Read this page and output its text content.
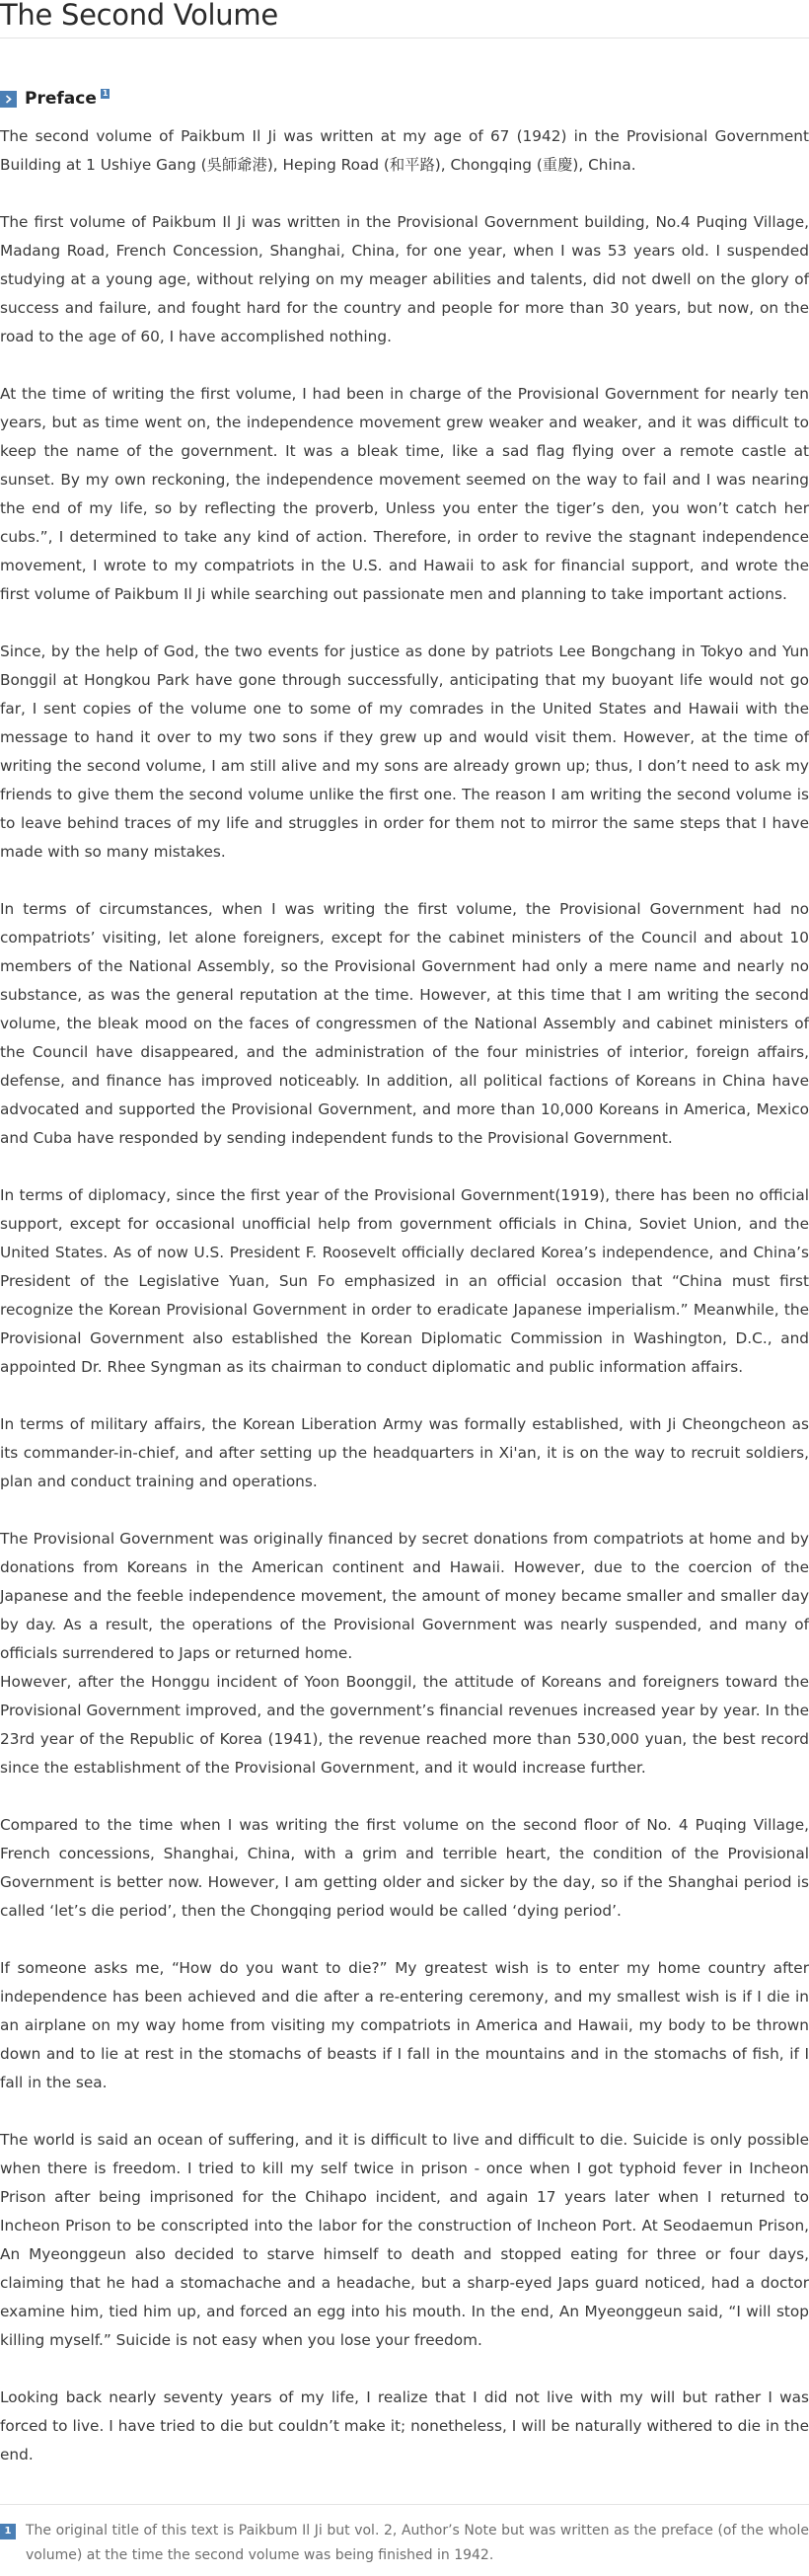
The Second Volume
Preface 1

The second volume of Paikbum Il Ji was written at my age of 67 (1942) in the Provisional Government Building at 1 Ushiye Gang (吳師爺港), Heping Road (和平路), Chongqing (重慶), China.

The first volume of Paikbum Il Ji was written in the Provisional Government building, No.4 Puqing Village, Madang Road, French Concession, Shanghai, China, for one year, when I was 53 years old. I suspended studying at a young age, without relying on my meager abilities and talents, did not dwell on the glory of success and failure, and fought hard for the country and people for more than 30 years, but now, on the road to the age of 60, I have accomplished nothing.

At the time of writing the first volume, I had been in charge of the Provisional Government for nearly ten years, but as time went on, the independence movement grew weaker and weaker, and it was difficult to keep the name of the government. It was a bleak time, like a sad flag flying over a remote castle at sunset. By my own reckoning, the independence movement seemed on the way to fail and I was nearing the end of my life, so by reflecting the proverb, Unless you enter the tiger’s den, you won’t catch her cubs.”, I determined to take any kind of action. Therefore, in order to revive the stagnant independence movement, I wrote to my compatriots in the U.S. and Hawaii to ask for financial support, and wrote the first volume of Paikbum Il Ji while searching out passionate men and planning to take important actions.

Since, by the help of God, the two events for justice as done by patriots Lee Bongchang in Tokyo and Yun Bonggil at Hongkou Park have gone through successfully, anticipating that my buoyant life would not go far, I sent copies of the volume one to some of my comrades in the United States and Hawaii with the message to hand it over to my two sons if they grew up and would visit them. However, at the time of writing the second volume, I am still alive and my sons are already grown up; thus, I don’t need to ask my friends to give them the second volume unlike the first one. The reason I am writing the second volume is to leave behind traces of my life and struggles in order for them not to mirror the same steps that I have made with so many mistakes.

In terms of circumstances, when I was writing the first volume, the Provisional Government had no compatriots’ visiting, let alone foreigners, except for the cabinet ministers of the Council and about 10 members of the National Assembly, so the Provisional Government had only a mere name and nearly no substance, as was the general reputation at the time. However, at this time that I am writing the second volume, the bleak mood on the faces of congressmen of the National Assembly and cabinet ministers of the Council have disappeared, and the administration of the four ministries of interior, foreign affairs, defense, and finance has improved noticeably. In addition, all political factions of Koreans in China have advocated and supported the Provisional Government, and more than 10,000 Koreans in America, Mexico and Cuba have responded by sending independent funds to the Provisional Government.

In terms of diplomacy, since the first year of the Provisional Government(1919), there has been no official support, except for occasional unofficial help from government officials in China, Soviet Union, and the United States. As of now U.S. President F. Roosevelt officially declared Korea’s independence, and China’s President of the Legislative Yuan, Sun Fo emphasized in an official occasion that “China must first recognize the Korean Provisional Government in order to eradicate Japanese imperialism.” Meanwhile, the Provisional Government also established the Korean Diplomatic Commission in Washington, D.C., and appointed Dr. Rhee Syngman as its chairman to conduct diplomatic and public information affairs.

In terms of military affairs, the Korean Liberation Army was formally established, with Ji Cheongcheon as its commander-in-chief, and after setting up the headquarters in Xi'an, it is on the way to recruit soldiers, plan and conduct training and operations.

The Provisional Government was originally financed by secret donations from compatriots at home and by donations from Koreans in the American continent and Hawaii. However, due to the coercion of the Japanese and the feeble independence movement, the amount of money became smaller and smaller day by day. As a result, the operations of the Provisional Government was nearly suspended, and many of officials surrendered to Japs or returned home.

However, after the Honggu incident of Yoon Boonggil, the attitude of Koreans and foreigners toward the Provisional Government improved, and the government’s financial revenues increased year by year. In the 23rd year of the Republic of Korea (1941), the revenue reached more than 530,000 yuan, the best record since the establishment of the Provisional Government, and it would increase further.

Compared to the time when I was writing the first volume on the second floor of No. 4 Puqing Village, French concessions, Shanghai, China, with a grim and terrible heart, the condition of the Provisional Government is better now. However, I am getting older and sicker by the day, so if the Shanghai period is called ‘let’s die period’, then the Chongqing period would be called ‘dying period’.

If someone asks me, “How do you want to die?” My greatest wish is to enter my home country after independence has been achieved and die after a re-entering ceremony, and my smallest wish is if I die in an airplane on my way home from visiting my compatriots in America and Hawaii, my body to be thrown down and to lie at rest in the stomachs of beasts if I fall in the mountains and in the stomachs of fish, if I fall in the sea.

The world is said an ocean of suffering, and it is difficult to live and difficult to die. Suicide is only possible when there is freedom. I tried to kill my self twice in prison - once when I got typhoid fever in Incheon Prison after being imprisoned for the Chihapo incident, and again 17 years later when I returned to Incheon Prison to be conscripted into the labor for the construction of Incheon Port. At Seodaemun Prison, An Myeonggeun also decided to starve himself to death and stopped eating for three or four days, claiming that he had a stomachache and a headache, but a sharp-eyed Japs guard noticed, had a doctor examine him, tied him up, and forced an egg into his mouth. In the end, An Myeonggeun said, “I will stop killing myself.” Suicide is not easy when you lose your freedom.

Looking back nearly seventy years of my life, I realize that I did not live with my will but rather I was forced to live. I have tried to die but couldn’t make it; nonetheless, I will be naturally withered to die in the end.

1	The original title of this text is Paikbum Il Ji but vol. 2, Author’s Note but was written as the preface (of the whole volume) at the time the second volume was being finished in 1942.
